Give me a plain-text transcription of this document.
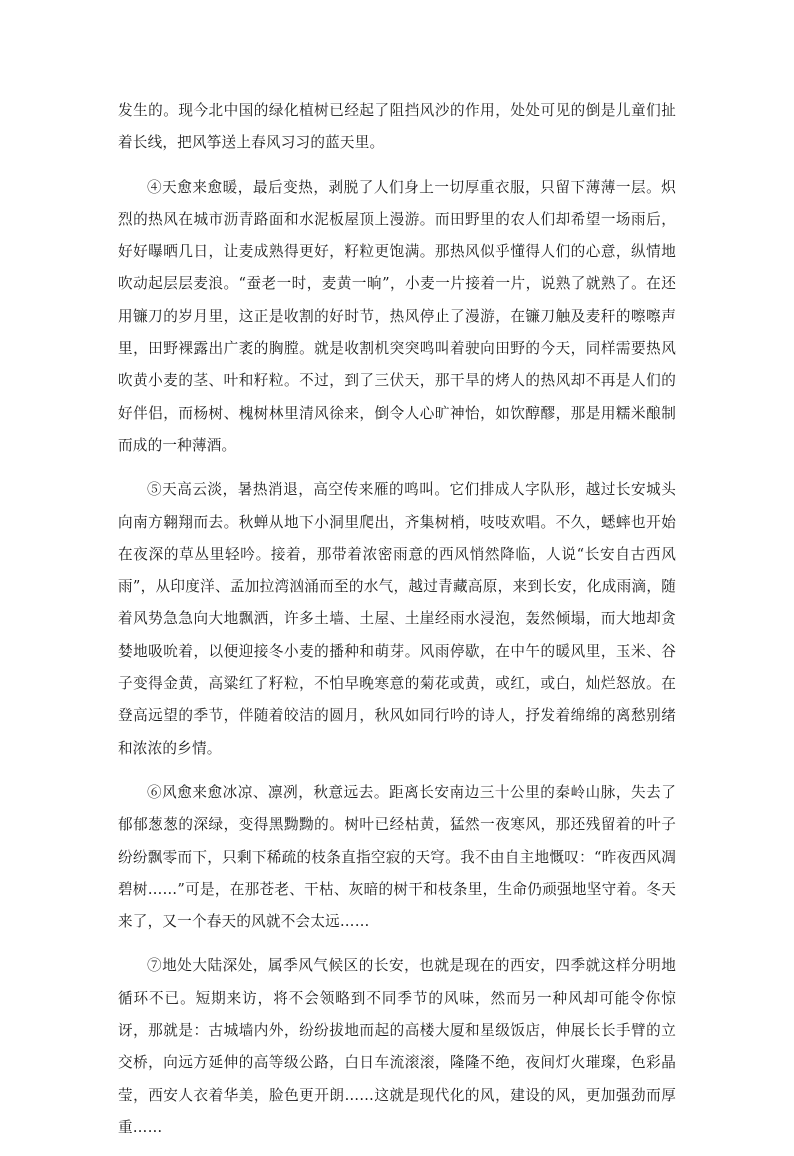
发生的。现今北中国的绿化植树已经起了阻挡风沙的作用，处处可见的倒是儿童们扯着长线，把风筝送上春风习习的蓝天里。

④天愈来愈暖，最后变热，剥脱了人们身上一切厚重衣服，只留下薄薄一层。炽烈的热风在城市沥青路面和水泥板屋顶上漫游。而田野里的农人们却希望一场雨后，好好曝晒几日，让麦成熟得更好，籽粒更饱满。那热风似乎懂得人们的心意，纵情地吹动起层层麦浪。“蚕老一时，麦黄一晌”，小麦一片接着一片，说熟了就熟了。在还用镰刀的岁月里，这正是收割的好时节，热风停止了漫游，在镰刀触及麦秆的嚓嚓声里，田野裸露出广袤的胸膛。就是收割机突突鸣叫着驶向田野的今天，同样需要热风吹黄小麦的茎、叶和籽粒。不过，到了三伏天，那干旱的烤人的热风却不再是人们的好伴侣，而杨树、槐树林里清风徐来，倒令人心旷神怡，如饮醇醪，那是用糯米酿制而成的一种薄酒。

⑤天高云淡，暑热消退，高空传来雁的鸣叫。它们排成人字队形，越过长安城头向南方翱翔而去。秋蝉从地下小洞里爬出，齐集树梢，吱吱欢唱。不久，蟋蟀也开始在夜深的草丛里轻吟。接着，那带着浓密雨意的西风悄然降临，人说“长安自古西风雨”，从印度洋、孟加拉湾汹涌而至的水气，越过青藏高原，来到长安，化成雨滴，随着风势急急向大地飘洒，许多土墙、土屋、土崖经雨水浸泡，轰然倾塌，而大地却贪婪地吸吮着，以便迎接冬小麦的播种和萌芽。风雨停歇，在中午的暖风里，玉米、谷子变得金黄，高粱红了籽粒，不怕早晚寒意的菊花或黄，或红，或白，灿烂怒放。在登高远望的季节，伴随着皎洁的圆月，秋风如同行吟的诗人，抒发着绵绵的离愁别绪和浓浓的乡情。

⑥风愈来愈冰凉、凛冽，秋意远去。距离长安南边三十公里的秦岭山脉，失去了郁郁葱葱的深绿，变得黑黝黝的。树叶已经枯黄，猛然一夜寒风，那还残留着的叶子纷纷飘零而下，只剩下稀疏的枝条直指空寂的天穹。我不由自主地慨叹：“昨夜西风凋碧树……”可是，在那苍老、干枯、灰暗的树干和枝条里，生命仍顽强地坚守着。冬天来了，又一个春天的风就不会太远……

⑦地处大陆深处，属季风气候区的长安，也就是现在的西安，四季就这样分明地循环不已。短期来访，将不会领略到不同季节的风味，然而另一种风却可能令你惊讶，那就是：古城墙内外，纷纷拔地而起的高楼大厦和星级饭店，伸展长长手臂的立交桥，向远方延伸的高等级公路，白日车流滚滚，隆隆不绝，夜间灯火璀璨，色彩晶莹，西安人衣着华美，脸色更开朗……这就是现代化的风，建设的风，更加强劲而厚重……
